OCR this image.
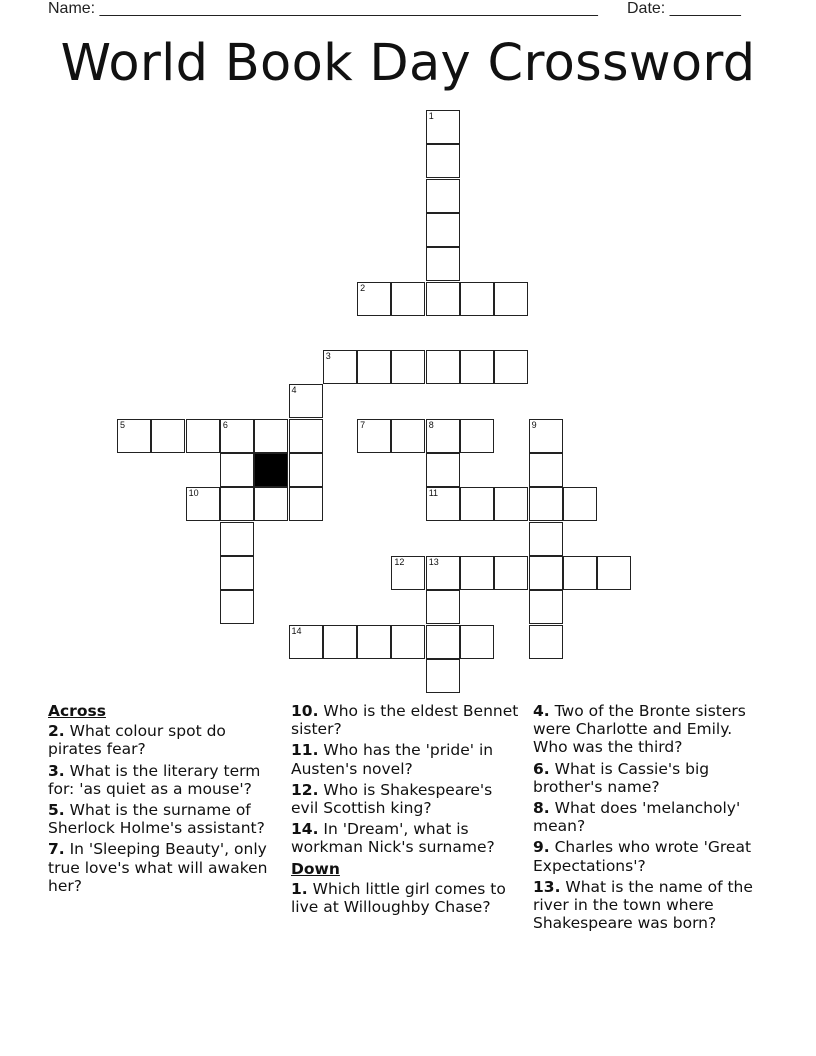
Name: ________________________________________________________ Date: ________
World Book Day Crossword
1
2
3
4
5	6	7	8	9
10	11
12	13
14
Across
2. What colour spot do pirates fear?
3. What is the literary term for: 'as quiet as a mouse'?
5. What is the surname of Sherlock Holme's assistant?
7. In 'Sleeping Beauty', only true love's what will awaken her?
10. Who is the eldest Bennet sister?
11. Who has the 'pride' in Austen's novel?
12. Who is Shakespeare's evil Scottish king?
14. In 'Dream', what is workman Nick's surname?
Down
1. Which little girl comes to live at Willoughby Chase?
4. Two of the Bronte sisters were Charlotte and Emily. Who was the third?
6. What is Cassie's big brother's name?
8. What does 'melancholy' mean?
9. Charles who wrote 'Great Expectations'?
13. What is the name of the river in the town where Shakespeare was born?
